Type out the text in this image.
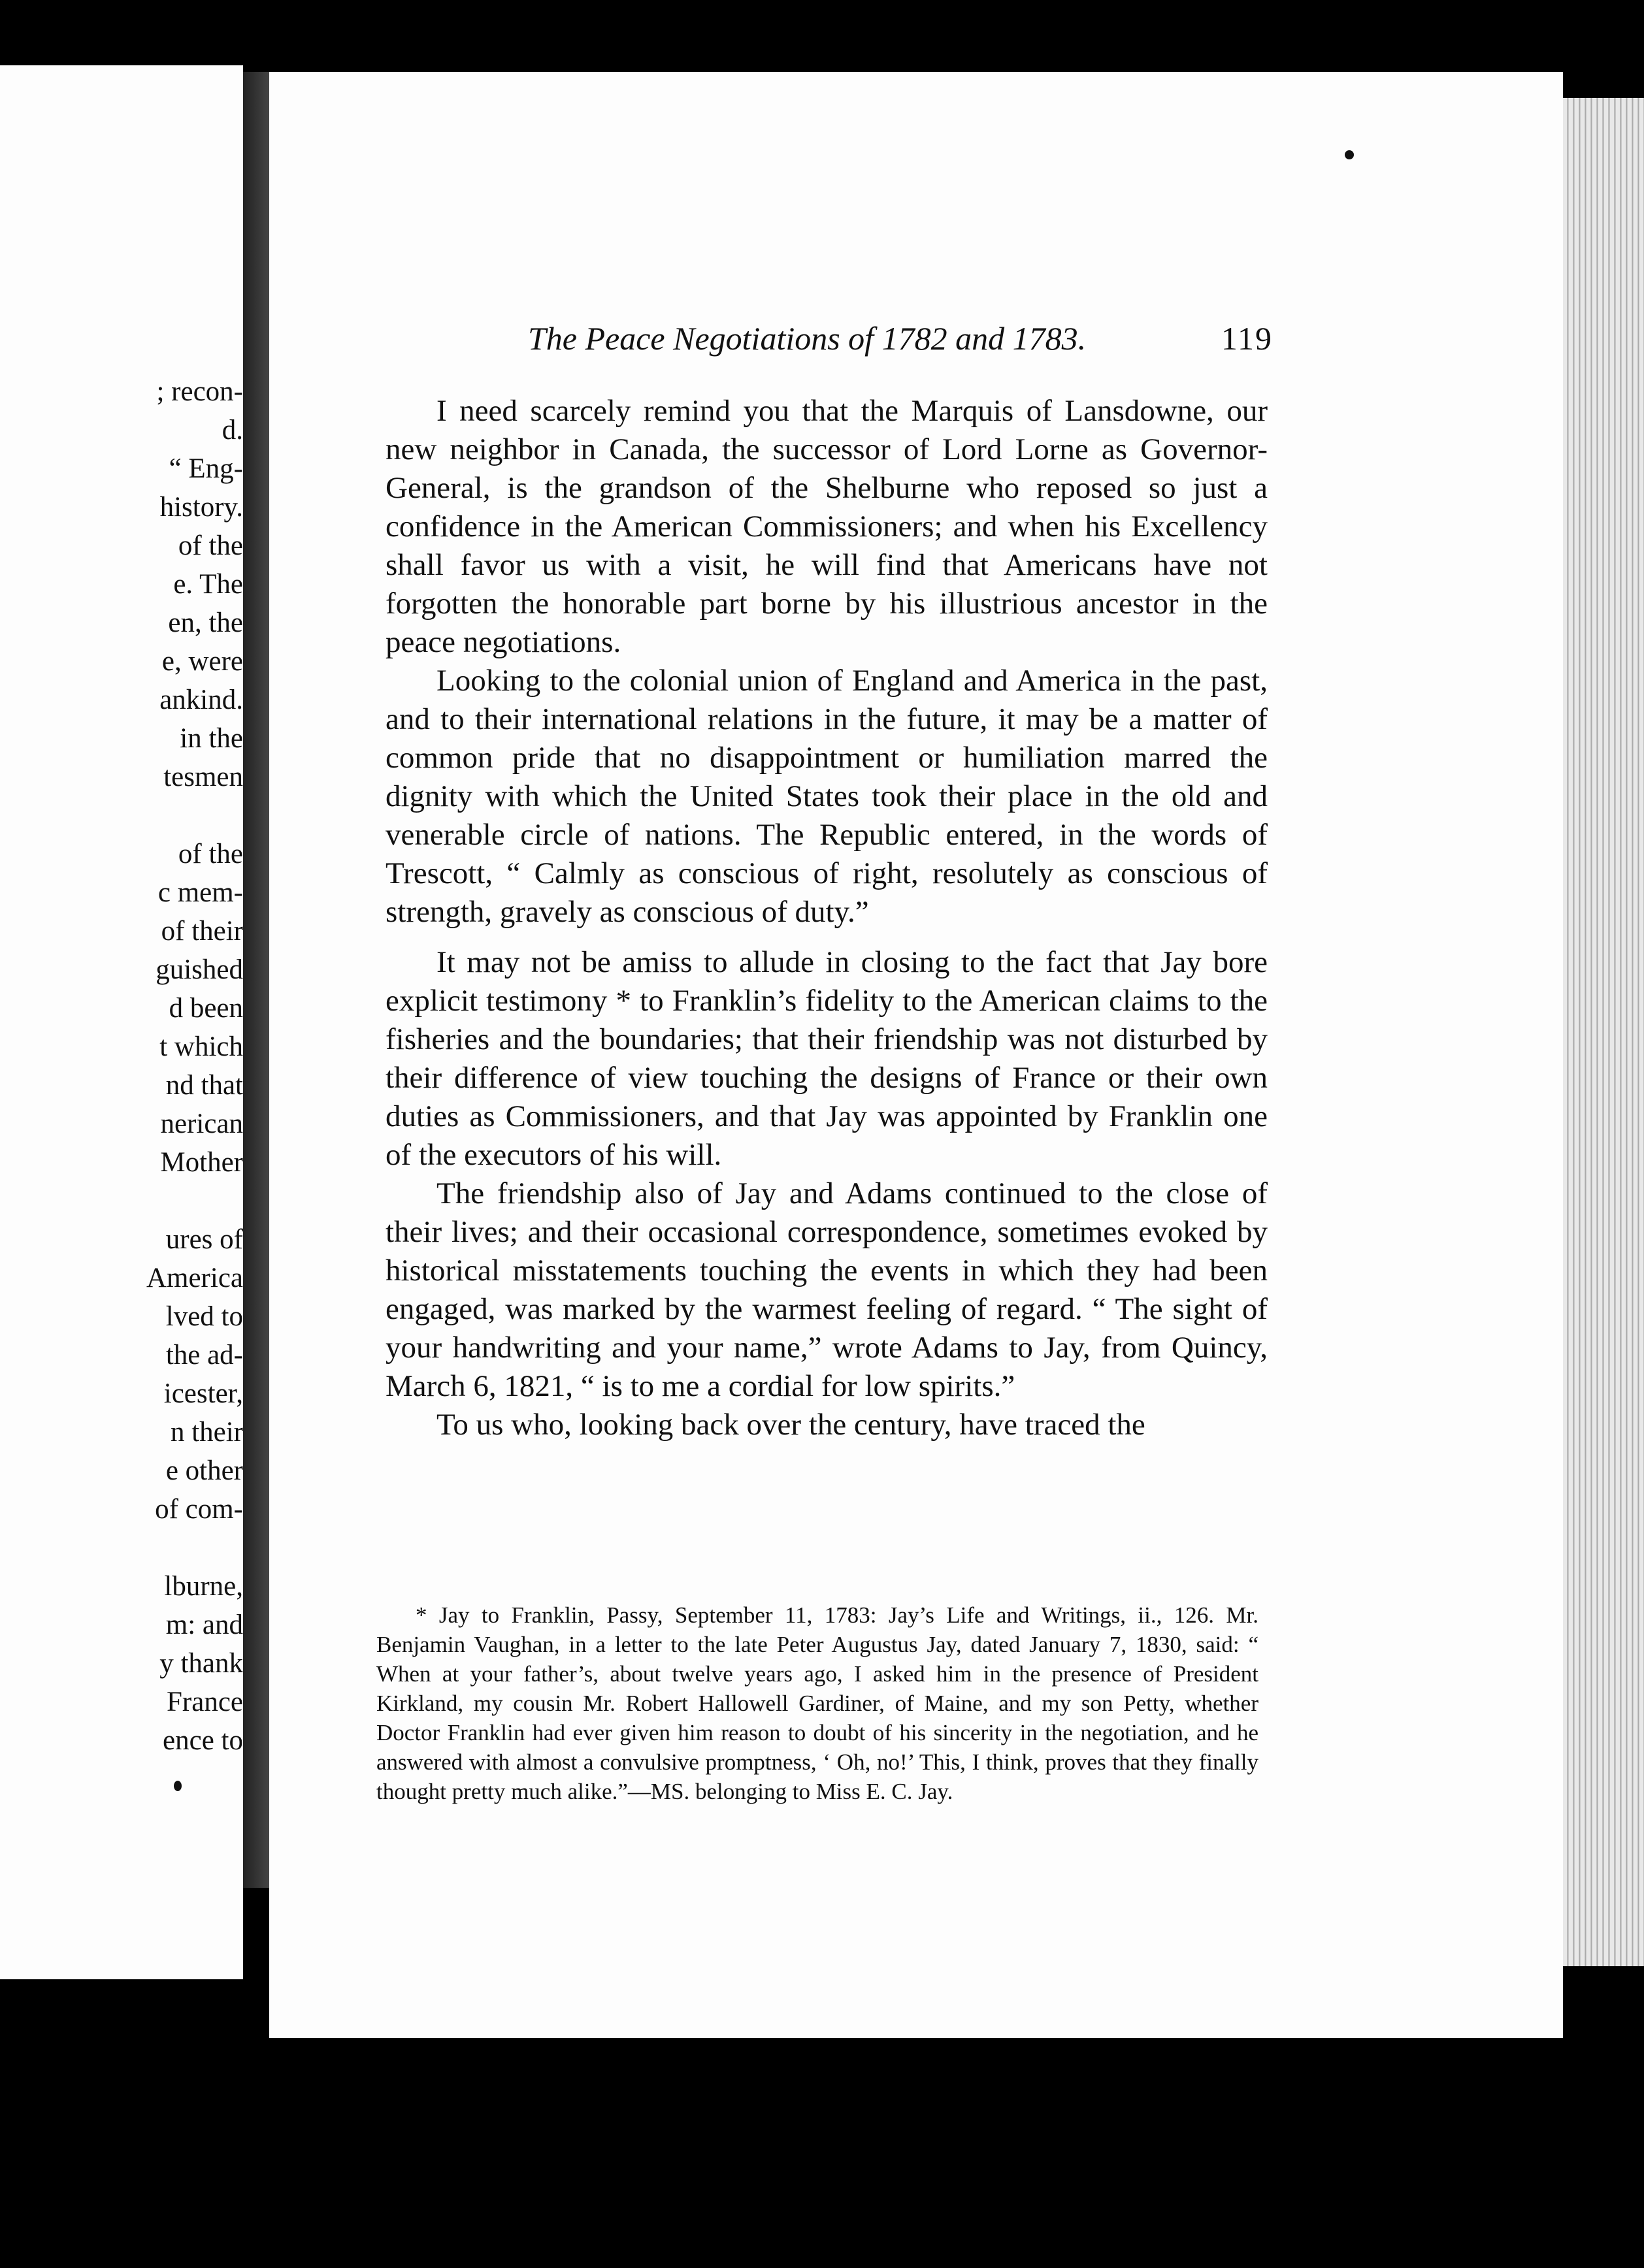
; recon-
d.
“ Eng-
history.
of the
e. The
en, the
e, were
ankind.
in the
tesmen
of the
c mem-
of their
guished
d been
t which
nd that
nerican
Mother
ures of
America
lved to
the ad-
icester,
n their
e other
of com-
lburne,
m: and
y thank
France
ence to
The Peace Negotiations of 1782 and 1783.	119

I need scarcely remind you that the Marquis of Lansdowne, our new neighbor in Canada, the successor of Lord Lorne as Governor-General, is the grandson of the Shelburne who reposed so just a confidence in the American Commissioners; and when his Excellency shall favor us with a visit, he will find that Americans have not forgotten the honorable part borne by his illustrious ancestor in the peace negotiations.

Looking to the colonial union of England and America in the past, and to their international relations in the future, it may be a matter of common pride that no disappointment or humiliation marred the dignity with which the United States took their place in the old and venerable circle of nations. The Republic entered, in the words of Trescott, “ Calmly as conscious of right, resolutely as conscious of strength, gravely as conscious of duty.”

It may not be amiss to allude in closing to the fact that Jay bore explicit testimony * to Franklin’s fidelity to the American claims to the fisheries and the boundaries; that their friendship was not disturbed by their difference of view touching the designs of France or their own duties as Commissioners, and that Jay was appointed by Franklin one of the executors of his will.

The friendship also of Jay and Adams continued to the close of their lives; and their occasional correspondence, sometimes evoked by historical misstatements touching the events in which they had been engaged, was marked by the warmest feeling of regard. “ The sight of your handwriting and your name,” wrote Adams to Jay, from Quincy, March 6, 1821, “ is to me a cordial for low spirits.”

To us who, looking back over the century, have traced the

* Jay to Franklin, Passy, September 11, 1783: Jay’s Life and Writings, ii., 126. Mr. Benjamin Vaughan, in a letter to the late Peter Augustus Jay, dated January 7, 1830, said: “ When at your father’s, about twelve years ago, I asked him in the presence of President Kirkland, my cousin Mr. Robert Hallowell Gardiner, of Maine, and my son Petty, whether Doctor Franklin had ever given him reason to doubt of his sincerity in the negotiation, and he answered with almost a convulsive promptness, ‘ Oh, no!’ This, I think, proves that they finally thought pretty much alike.”—MS. belonging to Miss E. C. Jay.
